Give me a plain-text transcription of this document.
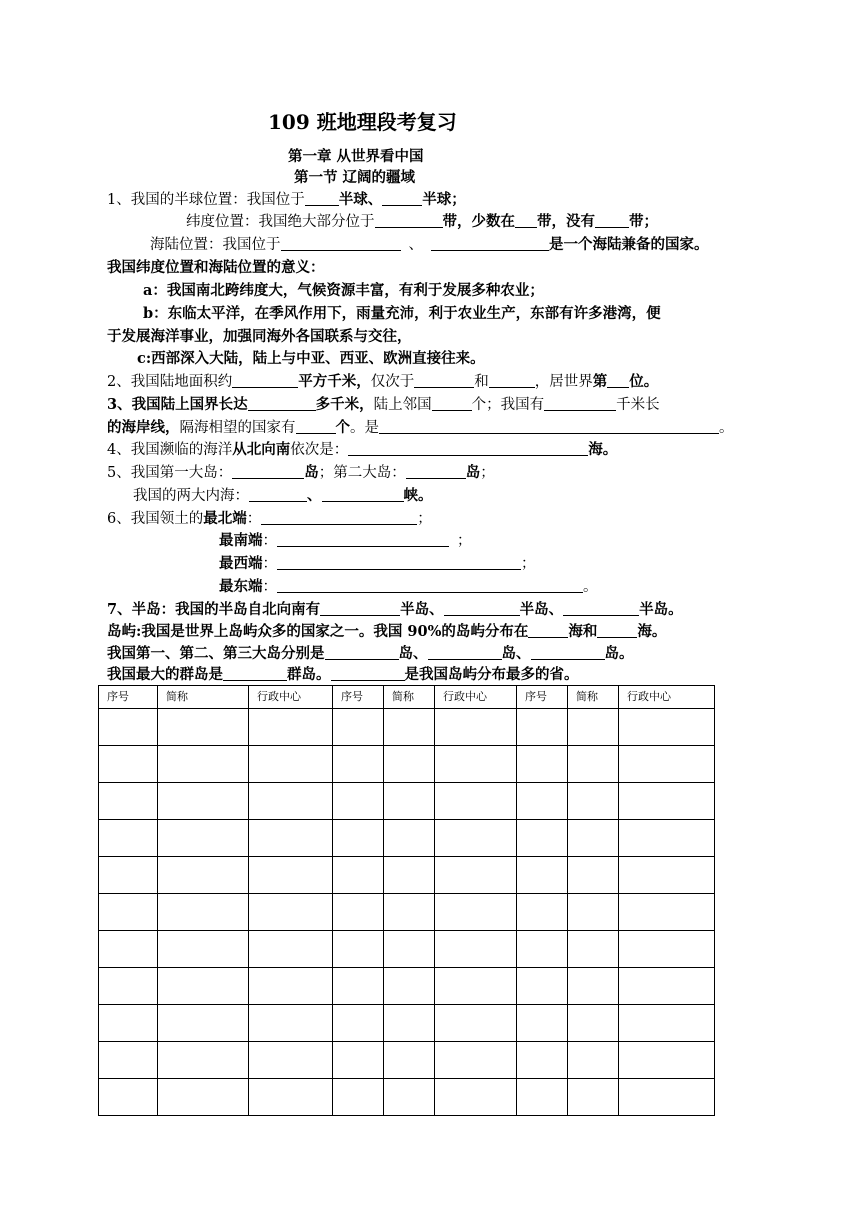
109 班地理段考复习
第一章 从世界看中国
第一节 辽阔的疆域
1、我国的半球位置：我国位于 半球、	半球；
纬度位置：我国绝大部分位于	带，少数在 带，没有 带；
海陆位置：我国位于	、	是一个海陆兼备的国家。
我国纬度位置和海陆位置的意义：
a：我国南北跨纬度大，气候资源丰富，有利于发展多种农业；
b：东临太平洋，在季风作用下，雨量充沛，利于农业生产，东部有许多港湾，便
于发展海洋事业，加强同海外各国联系与交往，
c:西部深入大陆，陆上与中亚、西亚、欧洲直接往来。
2、我国陆地面积约	平方千米，仅次于	和	，居世界第 位。
3、我国陆上国界长达	多千米，陆上邻国	个；我国有	千米长
的海岸线，隔海相望的国家有	个。是	。
4、我国濒临的海洋从北向南依次是：	海。
5、我国第一大岛：	岛；第二大岛：	岛；
我国的两大内海：	、	峡。
6、我国领土的最北端：	；
最南端：	；
最西端：	；
最东端：	。
7、半岛：我国的半岛自北向南有	半岛、	半岛、	半岛。
岛屿:我国是世界上岛屿众多的国家之一。我国 90%的岛屿分布在	海和	海。
我国第一、第二、第三大岛分别是	岛、	岛、	岛。
我国最大的群岛是	群岛。	是我国岛屿分布最多的省。
序号	简称	行政中心	序号	简称	行政中心	序号	简称	行政中心
